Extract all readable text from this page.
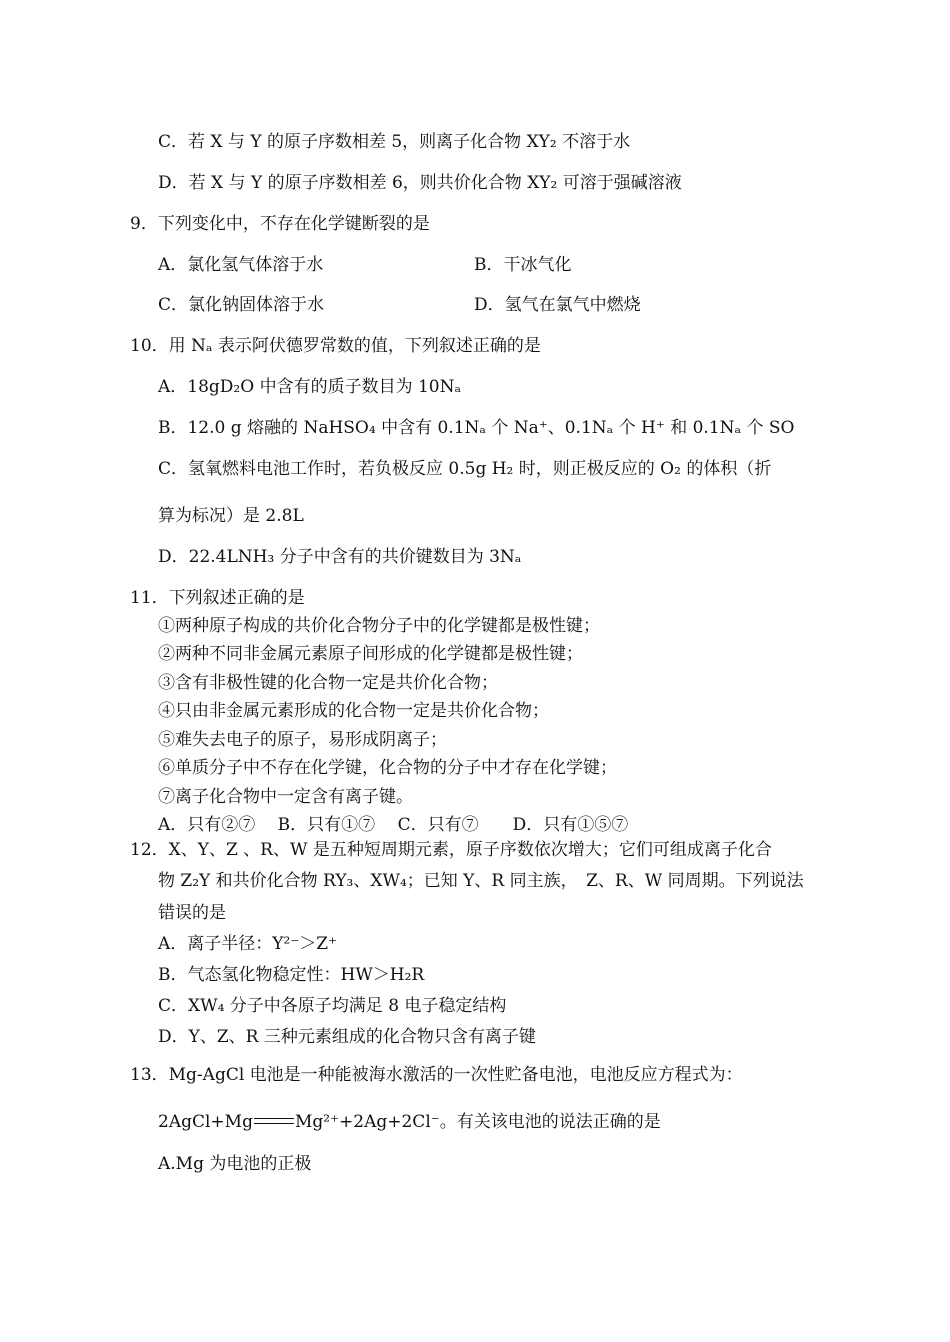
C．若 X 与 Y 的原子序数相差 5，则离子化合物 XY₂ 不溶于水
D．若 X 与 Y 的原子序数相差 6，则共价化合物 XY₂ 可溶于强碱溶液
9．下列变化中，不存在化学键断裂的是
A．氯化氢气体溶于水	B．干冰气化
C．氯化钠固体溶于水	D．氢气在氯气中燃烧
10．用 Nₐ 表示阿伏德罗常数的值，下列叙述正确的是
A．18gD₂O 中含有的质子数目为 10Nₐ
B．12.0 g 熔融的 NaHSO₄ 中含有 0.1Nₐ 个 Na⁺、0.1Nₐ 个 H⁺ 和 0.1Nₐ 个 SO
C．氢氧燃料电池工作时，若负极反应 0.5g H₂ 时，则正极反应的 O₂ 的体积（折
算为标况）是 2.8L
D．22.4LNH₃ 分子中含有的共价键数目为 3Nₐ
11．下列叙述正确的是
①两种原子构成的共价化合物分子中的化学键都是极性键；
②两种不同非金属元素原子间形成的化学键都是极性键；
③含有非极性键的化合物一定是共价化合物；
④只由非金属元素形成的化合物一定是共价化合物；
⑤难失去电子的原子，易形成阴离子；
⑥单质分子中不存在化学键，化合物的分子中才存在化学键；
⑦离子化合物中一定含有离子键。
A．只有②⑦　 B．只有①⑦　 C．只有⑦　　D．只有①⑤⑦
12．X、Y、Z 、R、W 是五种短周期元素，原子序数依次增大；它们可组成离子化合
物 Z₂Y 和共价化合物 RY₃、XW₄；已知 Y、R 同主族，　Z、R、W 同周期。下列说法
错误的是
A．离子半径：Y²⁻＞Z⁺
B．气态氢化物稳定性：HW＞H₂R
C．XW₄ 分子中各原子均满足 8 电子稳定结构
D．Y、Z、R 三种元素组成的化合物只含有离子键
13．Mg-AgCl 电池是一种能被海水激活的一次性贮备电池，电池反应方程式为：
2AgCl+Mg Mg²⁺+2Ag+2Cl⁻。有关该电池的说法正确的是
A.Mg 为电池的正极
